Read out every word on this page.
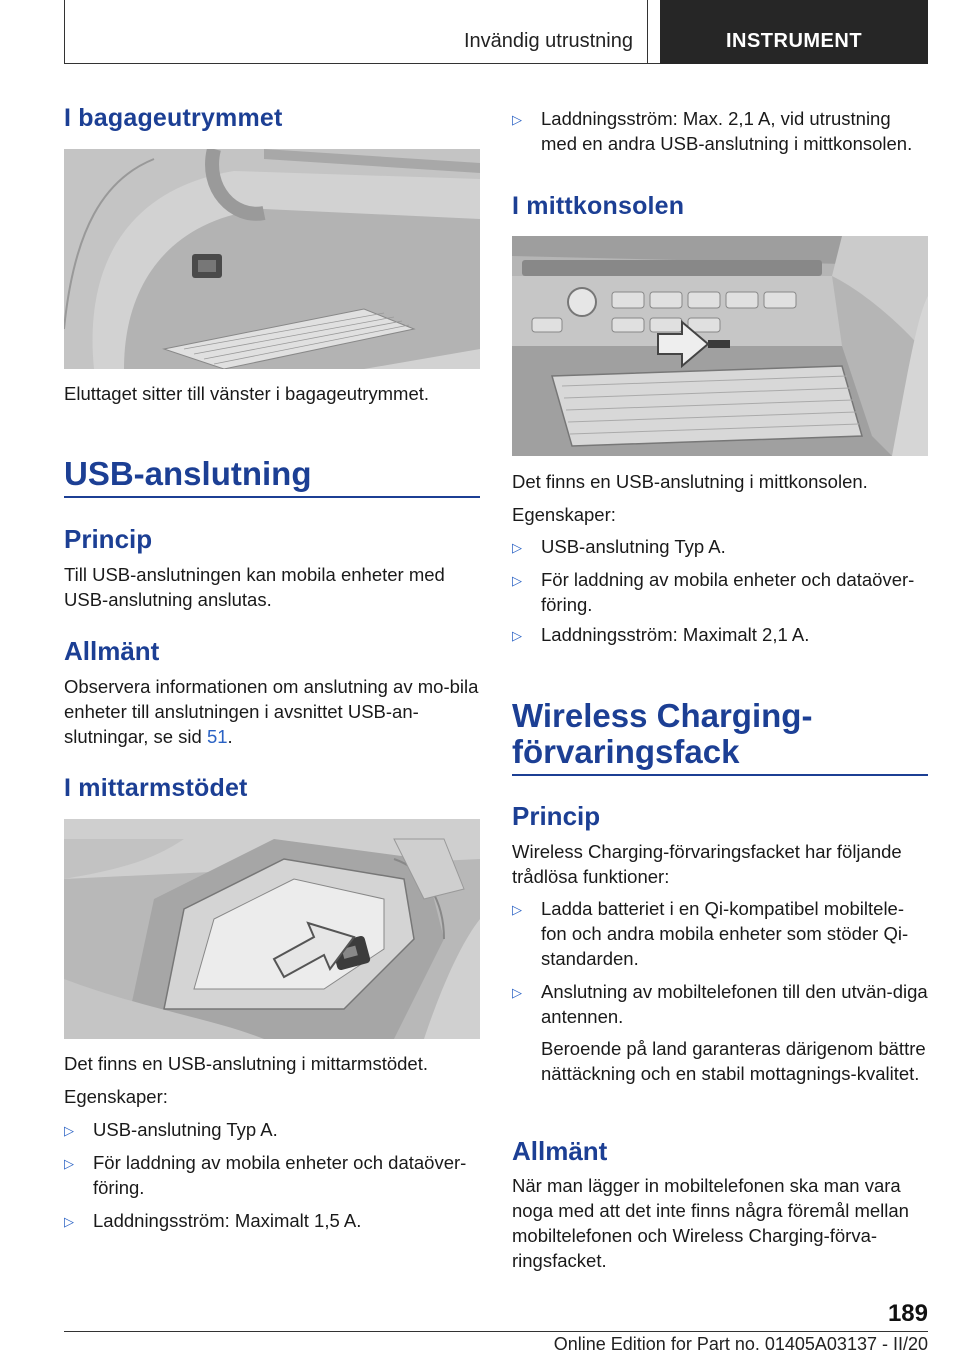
Invändig utrustning	INSTRUMENT
I bagageutrymmet
Eluttaget sitter till vänster i bagageutrymmet.
USB-anslutning
Princip
Till USB-anslutningen kan mobila enheter med USB-anslutning anslutas.
Allmänt
Observera informationen om anslutning av mo-bila enheter till anslutningen i avsnittet USB-an-slutningar, se sid 51.
I mittarmstödet
Det finns en USB-anslutning i mittarmstödet.
Egenskaper:
▷ USB-anslutning Typ A.
▷ För laddning av mobila enheter och dataöver-föring.
▷ Laddningsström: Maximalt 1,5 A.
▷ Laddningsström: Max. 2,1 A, vid utrustning med en andra USB-anslutning i mittkonsolen.
I mittkonsolen
Det finns en USB-anslutning i mittkonsolen.
Egenskaper:
▷ USB-anslutning Typ A.
▷ För laddning av mobila enheter och dataöver-föring.
▷ Laddningsström: Maximalt 2,1 A.
Wireless Charging-förvaringsfack
Princip
Wireless Charging-förvaringsfacket har följande trådlösa funktioner:
▷ Ladda batteriet i en Qi-kompatibel mobiltele-fon och andra mobila enheter som stöder Qi-standarden.
▷ Anslutning av mobiltelefonen till den utvän-diga antennen.
Beroende på land garanteras därigenom bättre nättäckning och en stabil mottagnings-kvalitet.
Allmänt
När man lägger in mobiltelefonen ska man vara noga med att det inte finns några föremål mellan mobiltelefonen och Wireless Charging-förva-ringsfacket.
189
Online Edition for Part no. 01405A03137 - II/20
